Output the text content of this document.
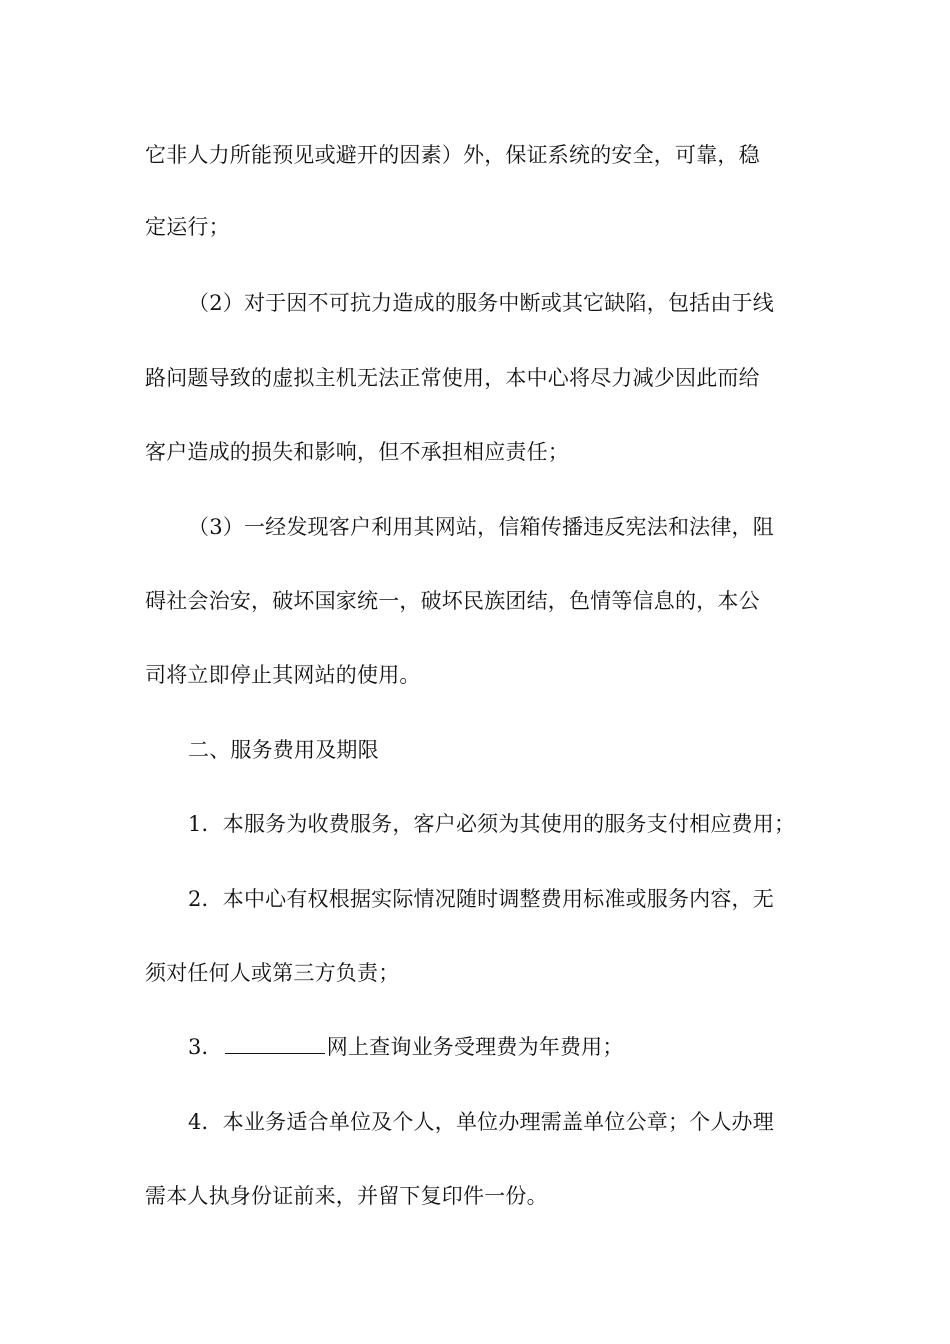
它非人力所能预见或避开的因素）外，保证系统的安全，可靠，稳
定运行；
（2）对于因不可抗力造成的服务中断或其它缺陷，包括由于线
路问题导致的虚拟主机无法正常使用，本中心将尽力减少因此而给
客户造成的损失和影响，但不承担相应责任；
（3）一经发现客户利用其网站，信箱传播违反宪法和法律，阻
碍社会治安，破坏国家统一，破坏民族团结，色情等信息的，本公
司将立即停止其网站的使用。
二、服务费用及期限
1．本服务为收费服务，客户必须为其使用的服务支付相应费用；
2．本中心有权根据实际情况随时调整费用标准或服务内容，无
须对任何人或第三方负责；
3．	网上查询业务受理费为年费用；
4．本业务适合单位及个人，单位办理需盖单位公章；个人办理
需本人执身份证前来，并留下复印件一份。
